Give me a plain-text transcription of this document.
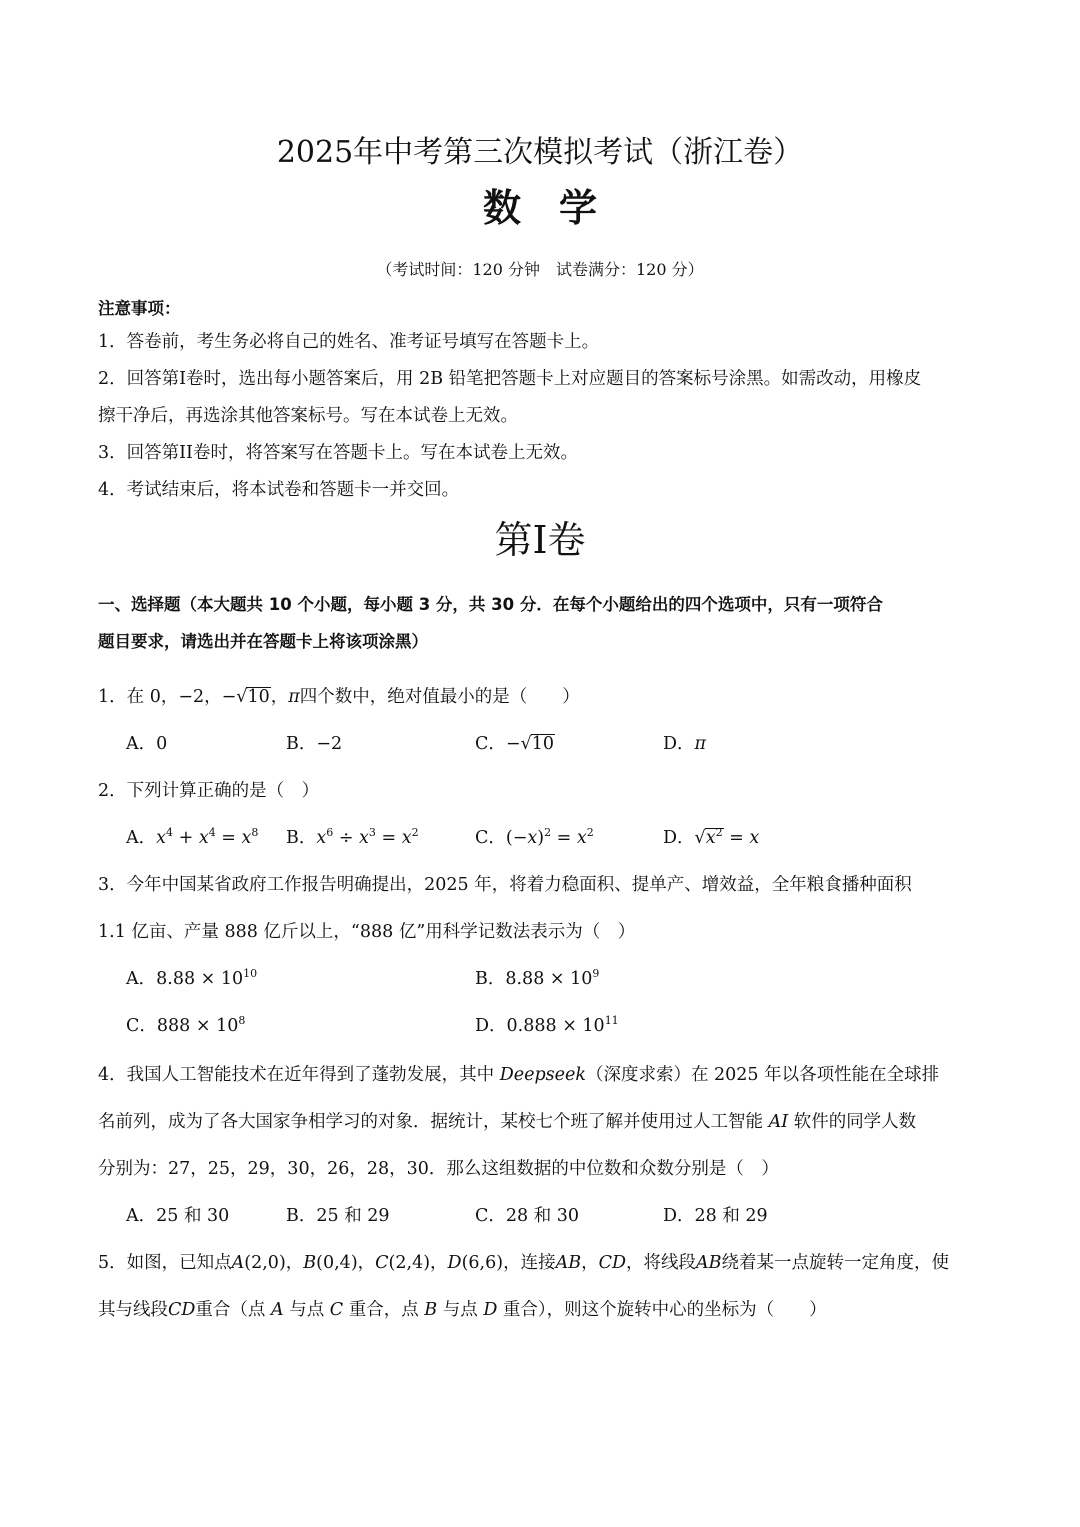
2025年中考第三次模拟考试（浙江卷）
数　学
（考试时间：120 分钟　试卷满分：120 分）
注意事项：
1．答卷前，考生务必将自己的姓名、准考证号填写在答题卡上。
2．回答第I卷时，选出每小题答案后，用 2B 铅笔把答题卡上对应题目的答案标号涂黑。如需改动，用橡皮
擦干净后，再选涂其他答案标号。写在本试卷上无效。
3．回答第II卷时，将答案写在答题卡上。写在本试卷上无效。
4．考试结束后，将本试卷和答题卡一并交回。
第I卷
一、选择题（本大题共 10 个小题，每小题 3 分，共 30 分．在每个小题给出的四个选项中，只有一项符合
题目要求，请选出并在答题卡上将该项涂黑）
1．在 0，−2，−√10，π四个数中，绝对值最小的是（　　）
A．0	B．−2	C．−√10	D．π
2．下列计算正确的是（　）
A．$x^4 + x^4 = x^8$ B．$x^6 \div x^3 = x^2$	C．$(-x)^2 = x^2$	D．$√x^2 = x$
3．今年中国某省政府工作报告明确提出，2025 年，将着力稳面积、提单产、增效益，全年粮食播种面积
1.1 亿亩、产量 888 亿斤以上，“888 亿”用科学记数法表示为（　）
A．$8.88 \times 10^{10}$	B．$8.88 \times 10^9$
C．$888 \times 10^8$	D．$0.888 \times 10^{11}$
4．我国人工智能技术在近年得到了蓬勃发展，其中 Deepseek（深度求索）在 2025 年以各项性能在全球排
名前列，成为了各大国家争相学习的对象．据统计，某校七个班了解并使用过人工智能 AI 软件的同学人数
分别为：27，25，29，30，26，28，30．那么这组数据的中位数和众数分别是（　）
A．25 和 30	B．25 和 29	C．28 和 30	D．28 和 29
5．如图，已知点A(2,0)，B(0,4)，C(2,4)，D(6,6)，连接AB，CD，将线段AB绕着某一点旋转一定角度，使
其与线段CD重合（点 A 与点 C 重合，点 B 与点 D 重合），则这个旋转中心的坐标为（　　）
